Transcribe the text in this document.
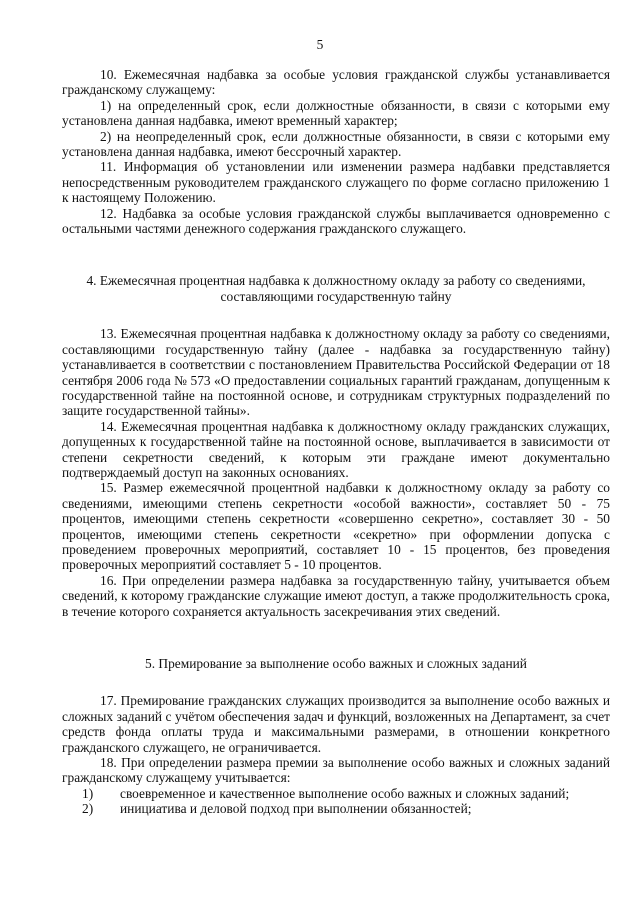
5

10. Ежемесячная надбавка за особые условия гражданской службы устанавливается гражданскому служащему:

1) на определенный срок, если должностные обязанности, в связи с которыми ему установлена данная надбавка, имеют временный характер;

2) на неопределенный срок, если должностные обязанности, в связи с которыми ему установлена данная надбавка, имеют бессрочный характер.

11. Информация об установлении или изменении размера надбавки представляется непосредственным руководителем гражданского служащего по форме согласно приложению 1 к настоящему Положению.

12. Надбавка за особые условия гражданской службы выплачивается одновременно с остальными частями денежного содержания гражданского служащего.

4. Ежемесячная процентная надбавка к должностному окладу за работу со сведениями,
составляющими государственную тайну

13. Ежемесячная процентная надбавка к должностному окладу за работу со сведениями, составляющими государственную тайну (далее - надбавка за государственную тайну) устанавливается в соответствии с постановлением Правительства Российской Федерации от 18 сентября 2006 года № 573 «О предоставлении социальных гарантий гражданам, допущенным к государственной тайне на постоянной основе, и сотрудникам структурных подразделений по защите государственной тайны».

14. Ежемесячная процентная надбавка к должностному окладу гражданских служащих, допущенных к государственной тайне на постоянной основе, выплачивается в зависимости от степени секретности сведений, к которым эти граждане имеют документально подтверждаемый доступ на законных основаниях.

15. Размер ежемесячной процентной надбавки к должностному окладу за работу со сведениями, имеющими степень секретности «особой важности», составляет 50 - 75 процентов, имеющими степень секретности «совершенно секретно», составляет 30 - 50 процентов, имеющими степень секретности «секретно» при оформлении допуска с проведением проверочных мероприятий, составляет 10 - 15 процентов, без проведения проверочных мероприятий составляет 5 - 10 процентов.

16. При определении размера надбавка за государственную тайну, учитывается объем сведений, к которому гражданские служащие имеют доступ, а также продолжительность срока, в течение которого сохраняется актуальность засекречивания этих сведений.

5. Премирование за выполнение особо важных и сложных заданий

17. Премирование гражданских служащих производится за выполнение особо важных и сложных заданий с учётом обеспечения задач и функций, возложенных на Департамент, за счет средств фонда оплаты труда и максимальными размерами, в отношении конкретного гражданского служащего, не ограничивается.

18. При определении размера премии за выполнение особо важных и сложных заданий гражданскому служащему учитывается:

1)	своевременное и качественное выполнение особо важных и сложных заданий;
2)	инициатива и деловой подход при выполнении обязанностей;
